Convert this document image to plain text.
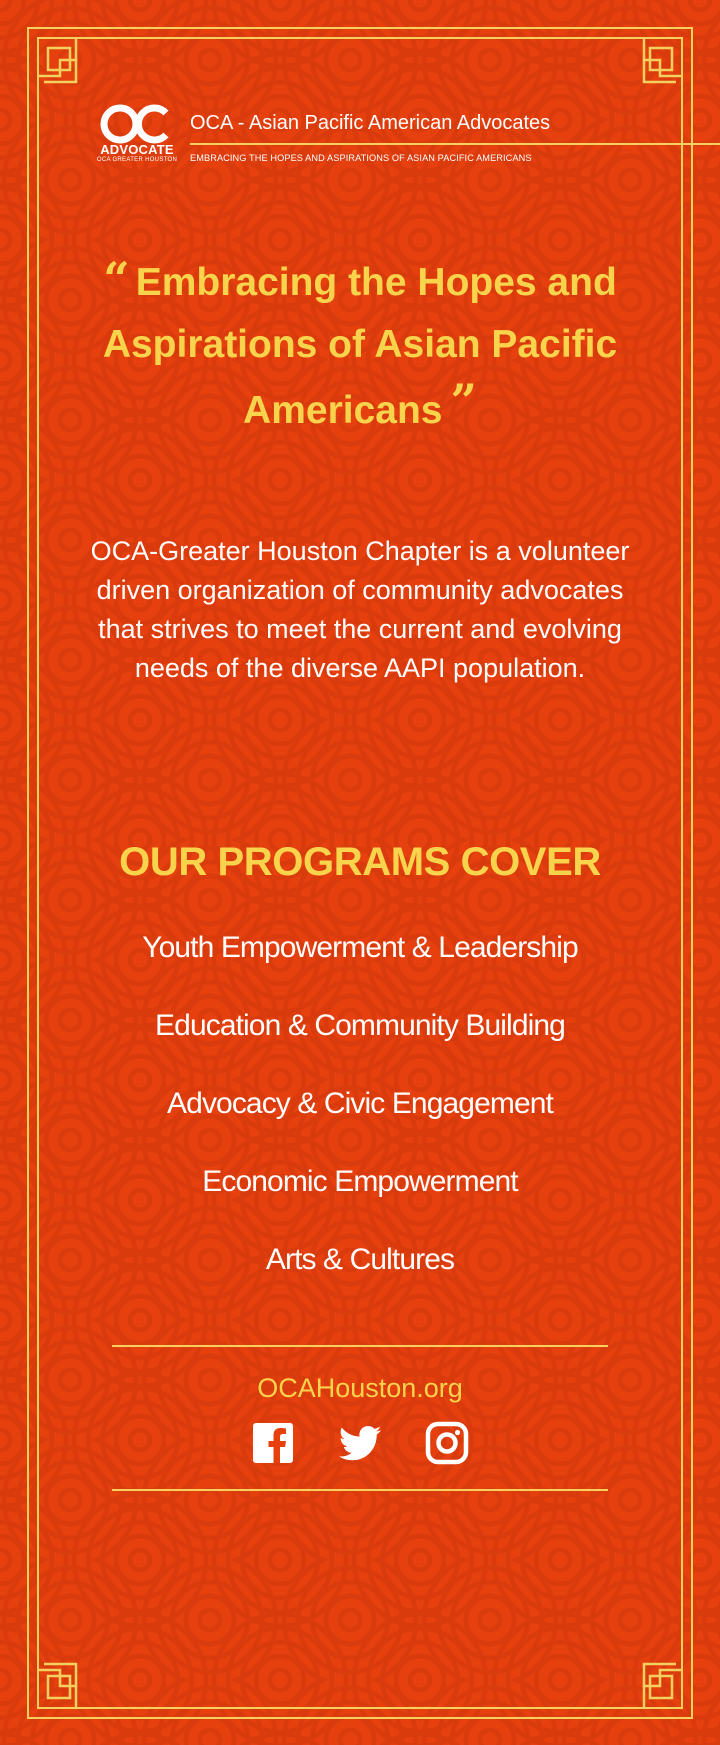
ADVOCATE
OCA GREATER HOUSTON
OCA - Asian Pacific American Advocates
EMBRACING THE HOPES AND ASPIRATIONS OF ASIAN PACIFIC AMERICANS
“ Embracing the Hopes and Aspirations of Asian Pacific Americans ”
OCA-Greater Houston Chapter is a volunteer driven organization of community advocates that strives to meet the current and evolving needs of the diverse AAPI population.
OUR PROGRAMS COVER
Youth Empowerment & Leadership
Education & Community Building
Advocacy & Civic Engagement
Economic Empowerment
Arts & Cultures
OCAHouston.org
